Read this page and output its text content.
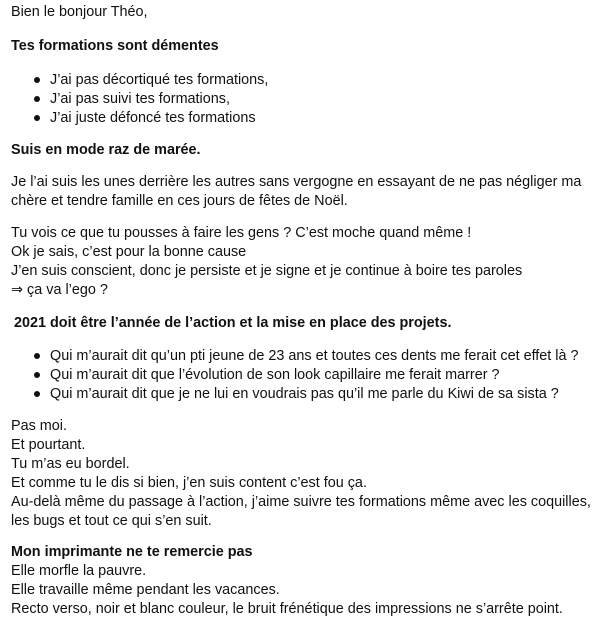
Bien le bonjour Théo,
Tes formations sont démentes
J’ai pas décortiqué tes formations,
J’ai pas suivi tes formations,
J’ai juste défoncé tes formations
Suis en mode raz de marée.
Je l’ai suis les unes derrière les autres sans vergogne en essayant de ne pas négliger ma
chère et tendre famille en ces jours de fêtes de Noël.
Tu vois ce que tu pousses à faire les gens ? C’est moche quand même !
Ok je sais, c’est pour la bonne cause
J’en suis conscient, donc je persiste et je signe et je continue à boire tes paroles
⇒ ça va l’ego ?
2021 doit être l’année de l’action et la mise en place des projets.
Qui m’aurait dit qu’un pti jeune de 23 ans et toutes ces dents me ferait cet effet là ?
Qui m’aurait dit que l’évolution de son look capillaire me ferait marrer ?
Qui m’aurait dit que je ne lui en voudrais pas qu’il me parle du Kiwi de sa sista ?
Pas moi.
Et pourtant.
Tu m’as eu bordel.
Et comme tu le dis si bien, j’en suis content c’est fou ça.
Au-delà même du passage à l’action, j’aime suivre tes formations même avec les coquilles,
les bugs et tout ce qui s’en suit.
Mon imprimante ne te remercie pas
Elle morfle la pauvre.
Elle travaille même pendant les vacances.
Recto verso, noir et blanc couleur, le bruit frénétique des impressions ne s’arrête point.
